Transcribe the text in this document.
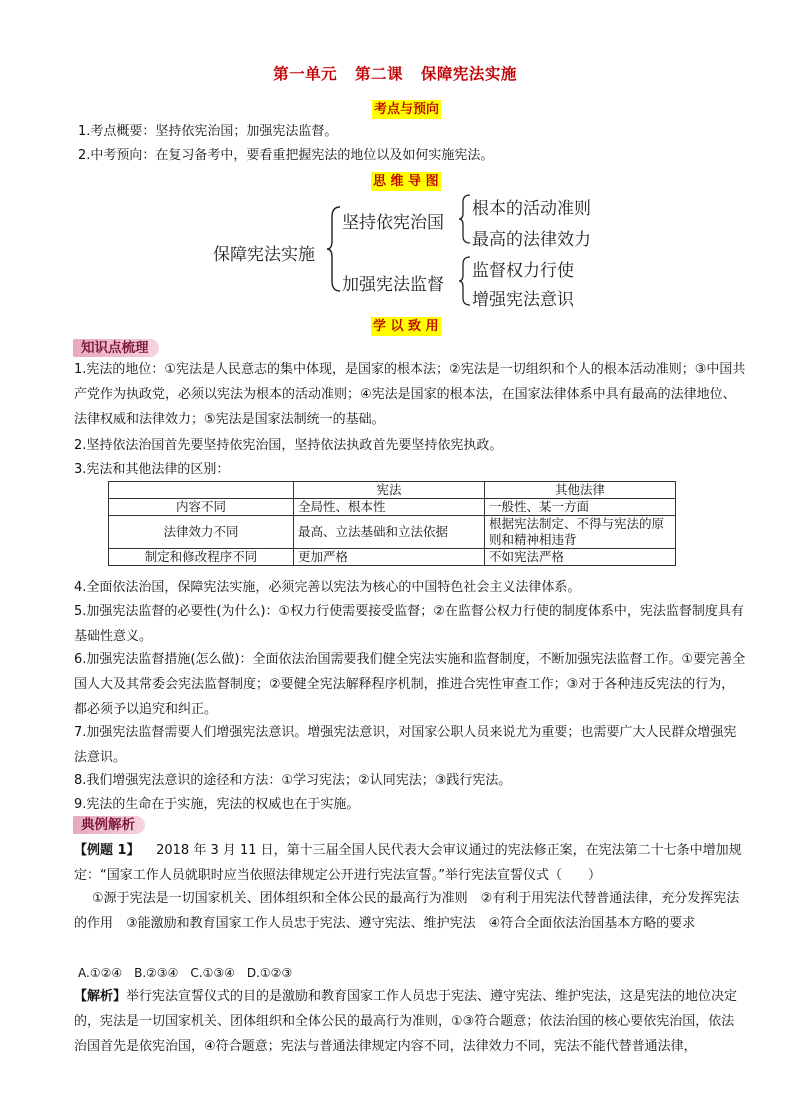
第一单元 第二课 保障宪法实施
考点与预向
1.考点概要：坚持依宪治国；加强宪法监督。
2.中考预向：在复习备考中，要看重把握宪法的地位以及如何实施宪法。
思 维 导 图
保障宪法实施
坚持依宪治国
加强宪法监督
根本的活动准则
最高的法律效力
监督权力行使
增强宪法意识
学 以 致 用
知识点梳理
1.宪法的地位：①宪法是人民意志的集中体现，是国家的根本法；②宪法是一切组织和个人的根本活动准则；③中国共产党作为执政党，必须以宪法为根本的活动准则；④宪法是国家的根本法，在国家法律体系中具有最高的法律地位、法律权威和法律效力；⑤宪法是国家法制统一的基础。
2.坚持依法治国首先要坚持依宪治国，坚持依法执政首先要坚持依宪执政。
3.宪法和其他法律的区别：
	宪法	其他法律
内容不同	全局性、根本性	一般性、某一方面
法律效力不同	最高、立法基础和立法依据	根据宪法制定、不得与宪法的原则和精神相违背
制定和修改程序不同	更加严格	不如宪法严格
4.全面依法治国，保障宪法实施，必须完善以宪法为核心的中国特色社会主义法律体系。
5.加强宪法监督的必要性(为什么)：①权力行使需要接受监督；②在监督公权力行使的制度体系中，宪法监督制度具有基础性意义。
6.加强宪法监督措施(怎么做)：全面依法治国需要我们健全宪法实施和监督制度，不断加强宪法监督工作。①要完善全国人大及其常委会宪法监督制度；②要健全宪法解释程序机制，推进合宪性审查工作；③对于各种违反宪法的行为，都必须予以追究和纠正。
7.加强宪法监督需要人们增强宪法意识。增强宪法意识，对国家公职人员来说尤为重要；也需要广大人民群众增强宪法意识。
8.我们增强宪法意识的途径和方法：①学习宪法；②认同宪法；③践行宪法。
9.宪法的生命在于实施，宪法的权威也在于实施。
典例解析
【例题 1】 2018 年 3 月 11 日，第十三届全国人民代表大会审议通过的宪法修正案，在宪法第二十七条中增加规定：“国家工作人员就职时应当依照法律规定公开进行宪法宣誓。”举行宪法宣誓仪式（　　）
①源于宪法是一切国家机关、团体组织和全体公民的最高行为准则　②有利于用宪法代替普通法律，充分发挥宪法的作用　③能激励和教育国家工作人员忠于宪法、遵守宪法、维护宪法　④符合全面依法治国基本方略的要求
A.①②④　B.②③④　C.①③④　D.①②③
【解析】举行宪法宣誓仪式的目的是激励和教育国家工作人员忠于宪法、遵守宪法、维护宪法，这是宪法的地位决定的，宪法是一切国家机关、团体组织和全体公民的最高行为准则，①③符合题意；依法治国的核心要依宪治国，依法治国首先是依宪治国，④符合题意；宪法与普通法律规定内容不同，法律效力不同，宪法不能代替普通法律，
